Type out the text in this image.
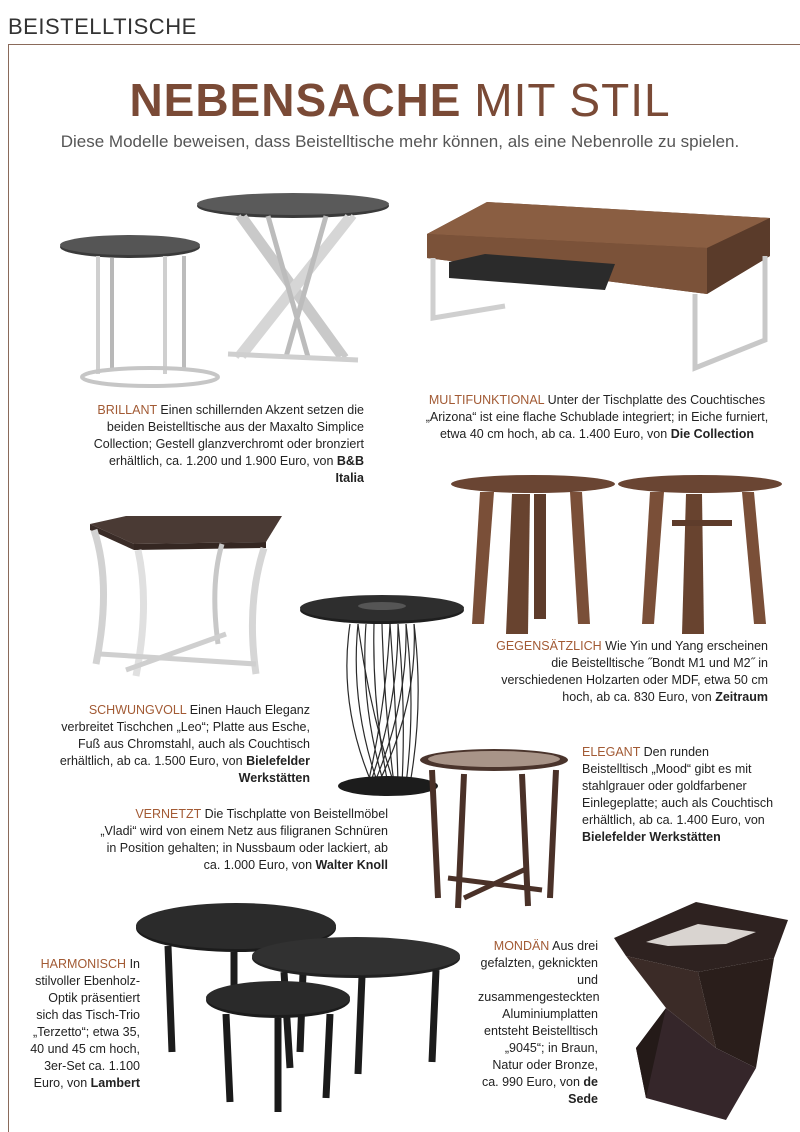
BEISTELLTISCHE
NEBENSACHE MIT STIL
Diese Modelle beweisen, dass Beistelltische mehr können, als eine Nebenrolle zu spielen.
BRILLANT Einen schillernden Akzent setzen die beiden Beistelltische aus der Maxalto Simplice Collection; Gestell glanzverchromt oder bronziert erhältlich, ca. 1.200 und 1.900 Euro, von B&B Italia
MULTIFUNKTIONAL Unter der Tischplatte des Couchtisches „Arizona“ ist eine flache Schublade integriert; in Eiche furniert, etwa 40 cm hoch, ab ca. 1.400 Euro, von Die Collection
GEGENSÄTZLICH Wie Yin und Yang erscheinen die Beistelltische ˝Bondt M1 und M2˝ in verschiedenen Holzarten oder MDF, etwa 50 cm hoch, ab ca. 830 Euro, von Zeitraum
SCHWUNGVOLL Einen Hauch Eleganz verbreitet Tischchen „Leo“; Platte aus Esche, Fuß aus Chromstahl, auch als Couchtisch erhältlich, ab ca. 1.500 Euro, von Bielefelder Werkstätten
ELEGANT Den runden Beistelltisch „Mood“ gibt es mit stahlgrauer oder goldfarbener Einlegeplatte; auch als Couchtisch erhältlich, ab ca. 1.400 Euro, von Bielefelder Werkstätten
VERNETZT Die Tischplatte von Beistellmöbel „Vladi“ wird von einem Netz aus filigranen Schnüren in Position gehalten; in Nussbaum oder lackiert, ab ca. 1.000 Euro, von Walter Knoll
HARMONISCH In stilvoller Ebenholz-Optik präsentiert sich das Tisch-Trio „Terzetto“; etwa 35, 40 und 45 cm hoch, 3er-Set ca. 1.100 Euro, von Lambert
MONDÄN Aus drei gefalzten, geknickten und zusammengesteckten Aluminiumplatten entsteht Beistelltisch „9045“; in Braun, Natur oder Bronze, ca. 990 Euro, von de Sede
